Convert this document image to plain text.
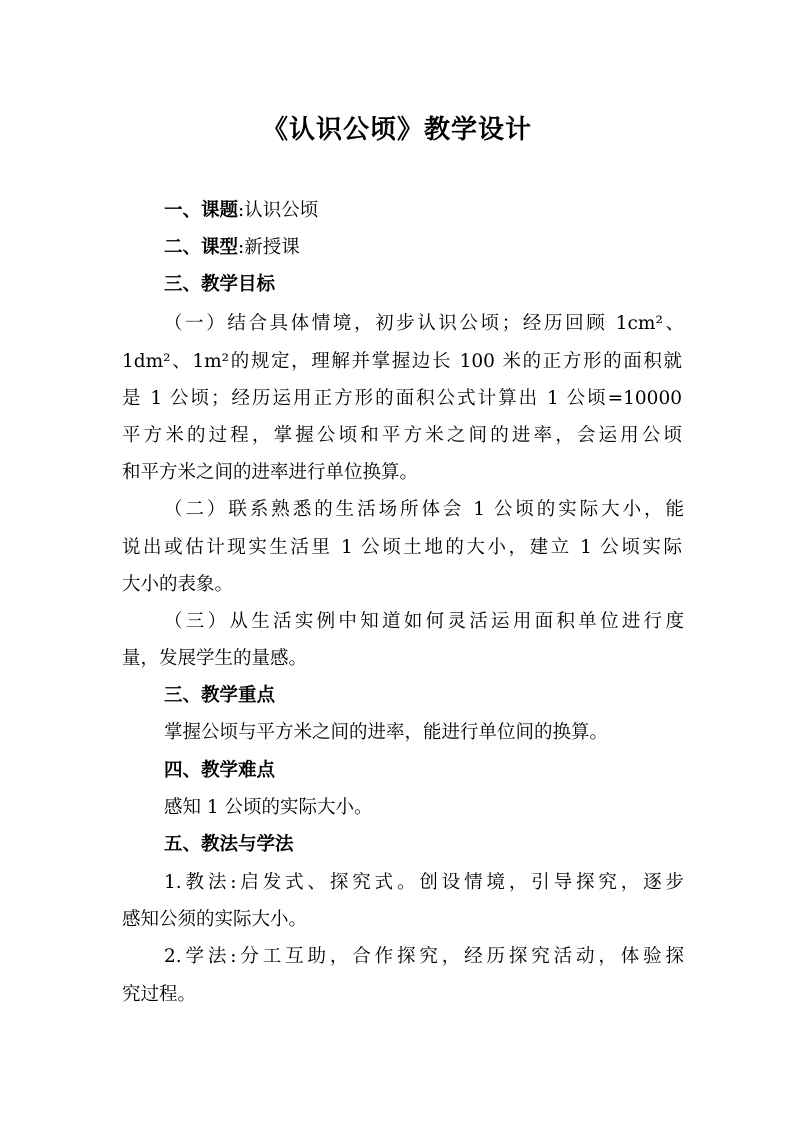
《认识公顷》教学设计
一、课题:认识公顷
二、课型:新授课
三、教学目标
（一）结合具体情境，初步认识公顷；经历回顾 1cm²、
1dm²、1m²的规定，理解并掌握边长 100 米的正方形的面积就
是 1 公顷；经历运用正方形的面积公式计算出 1 公顷=10000
平方米的过程，掌握公顷和平方米之间的进率，会运用公顷
和平方米之间的进率进行单位换算。
（二）联系熟悉的生活场所体会 1 公顷的实际大小，能
说出或估计现实生活里 1 公顷土地的大小，建立 1 公顷实际
大小的表象。
（三）从生活实例中知道如何灵活运用面积单位进行度
量，发展学生的量感。
三、教学重点
掌握公顷与平方米之间的进率，能进行单位间的换算。
四、教学难点
感知 1 公顷的实际大小。
五、教法与学法
1.教法:启发式、探究式。创设情境，引导探究，逐步
感知公须的实际大小。
2.学法:分工互助，合作探究，经历探究活动，体验探
究过程。
